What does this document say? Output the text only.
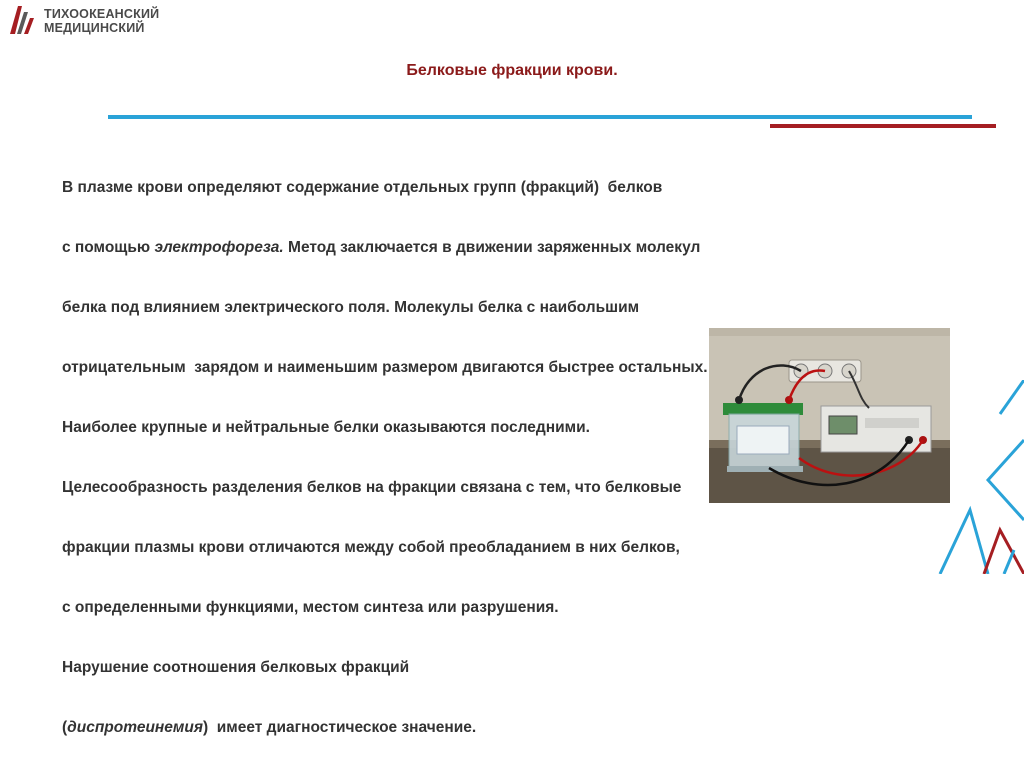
ТИХООКЕАНСКИЙ
МЕДИЦИНСКИЙ
Белковые фракции крови.

В плазме крови определяют содержание отдельных групп (фракций)  белков

с помощью электрофореза. Метод заключается в движении заряженных молекул

белка под влиянием электрического поля. Молекулы белка с наибольшим

отрицательным  зарядом и наименьшим размером двигаются быстрее остальных.

Наиболее крупные и нейтральные белки оказываются последними.

Целесообразность разделения белков на фракции связана с тем, что белковые

фракции плазмы крови отличаются между собой преобладанием в них белков,

с определенными функциями, местом синтеза или разрушения.

Нарушение соотношения белковых фракций

(диспротеинемия)  имеет диагностическое значение.
